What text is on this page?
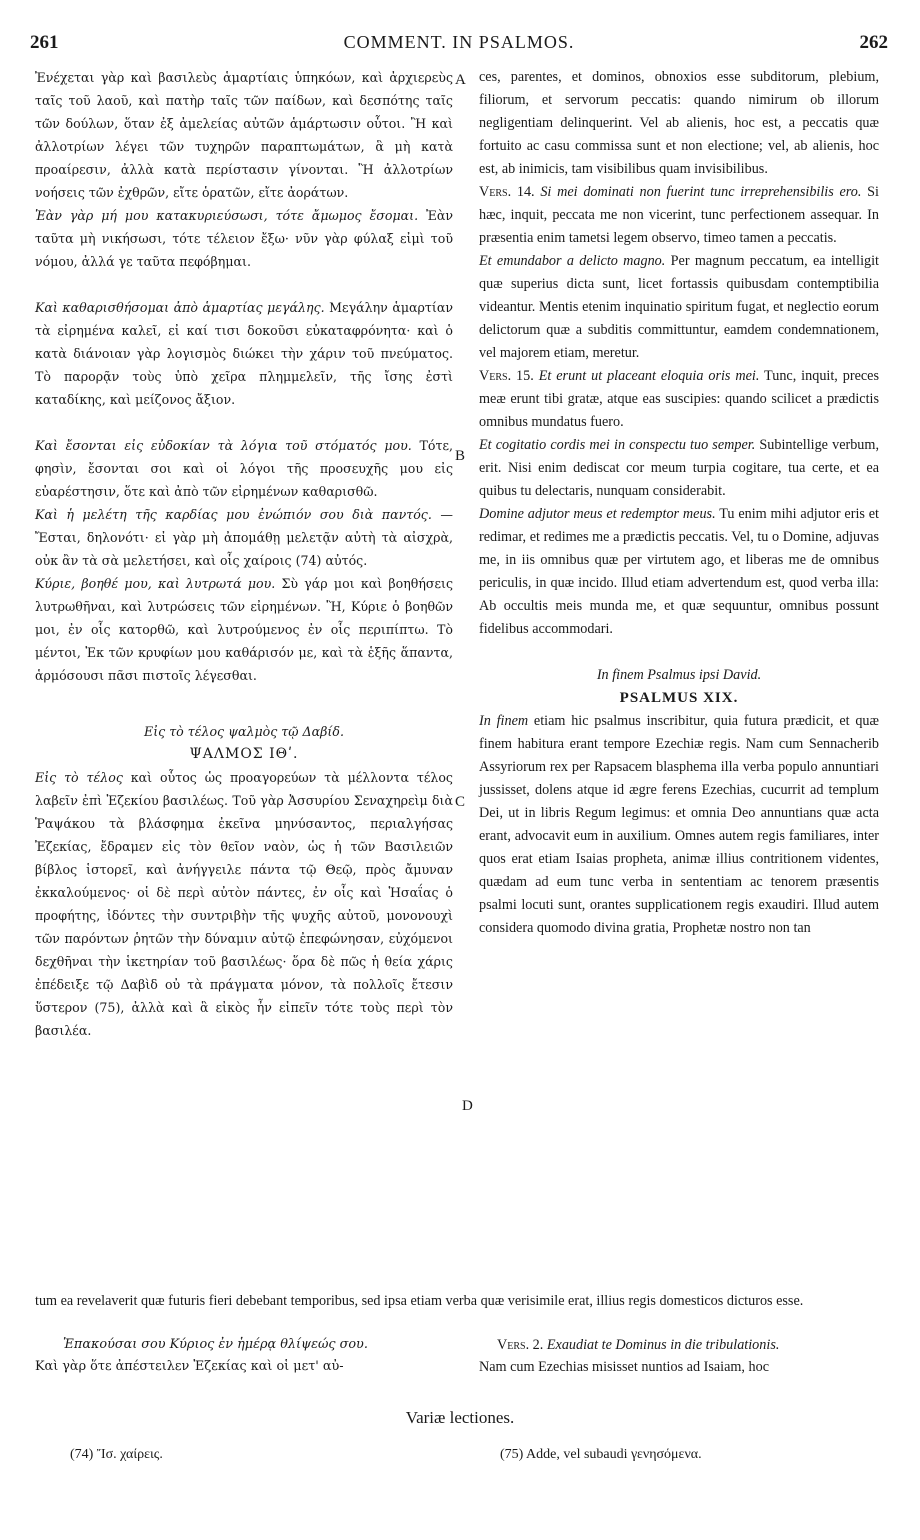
261	COMMENT. IN PSALMOS.	262
A
B
C
D

Ἐνέχεται γὰρ καὶ βασιλεὺς ἁμαρτίαις ὑπηκόων, καὶ ἀρχιερεὺς ταῖς τοῦ λαοῦ, καὶ πατὴρ ταῖς τῶν παίδων, καὶ δεσπότης ταῖς τῶν δούλων, ὅταν ἐξ ἀμελείας αὐτῶν ἁμάρτωσιν οὗτοι. Ἢ καὶ ἀλλοτρίων λέγει τῶν τυχηρῶν παραπτωμάτων, ἃ μὴ κατὰ προαίρεσιν, ἀλλὰ κατὰ περίστασιν γίνονται. Ἢ ἀλλοτρίων νοήσεις τῶν ἐχθρῶν, εἴτε ὁρατῶν, εἴτε ἀοράτων.

Ἐὰν γὰρ μή μου κατακυριεύσωσι, τότε ἄμωμος ἔσομαι. Ἐὰν ταῦτα μὴ νικήσωσι, τότε τέλειον ἔξω· νῦν γὰρ φύλαξ εἰμὶ τοῦ νόμου, ἀλλά γε ταῦτα πεφόβημαι.

Καὶ καθαρισθήσομαι ἀπὸ ἁμαρτίας μεγάλης. Μεγάλην ἁμαρτίαν τὰ εἰρημένα καλεῖ, εἰ καί τισι δοκοῦσι εὐκαταφρόνητα· καὶ ὁ κατὰ διάνοιαν γὰρ λογισμὸς διώκει τὴν χάριν τοῦ πνεύματος. Τὸ παρορᾷν τοὺς ὑπὸ χεῖρα πλημμελεῖν, τῆς ἴσης ἐστὶ καταδίκης, καὶ μείζονος ἄξιον.

Καὶ ἔσονται εἰς εὐδοκίαν τὰ λόγια τοῦ στόματός μου. Τότε, φησὶν, ἔσονται σοι καὶ οἱ λόγοι τῆς προσευχῆς μου εἰς εὐαρέστησιν, ὅτε καὶ ἀπὸ τῶν εἰρημένων καθαρισθῶ.

Καὶ ἡ μελέτη τῆς καρδίας μου ἐνώπιόν σου διὰ παντός. — Ἔσται, δηλονότι· εἰ γὰρ μὴ ἀπομάθῃ μελετᾷν αὐτὴ τὰ αἰσχρὰ, οὐκ ἂν τὰ σὰ μελετήσει, καὶ οἷς χαίροις (74) αὐτός.

Κύριε, βοηθέ μου, καὶ λυτρωτά μου. Σὺ γάρ μοι καὶ βοηθήσεις λυτρωθῆναι, καὶ λυτρώσεις τῶν εἰρημένων. Ἢ, Κύριε ὁ βοηθῶν μοι, ἐν οἷς κατορθῶ, καὶ λυτρούμενος ἐν οἷς περιπίπτω. Τὸ μέντοι, Ἐκ τῶν κρυφίων μου καθάρισόν με, καὶ τὰ ἑξῆς ἅπαντα, ἁρμόσουσι πᾶσι πιστοῖς λέγεσθαι.

Εἰς τὸ τέλος ψαλμὸς τῷ Δαβίδ.

ΨΑΛΜΟΣ ΙΘʹ.

Εἰς τὸ τέλος καὶ οὗτος ὡς προαγορεύων τὰ μέλλοντα τέλος λαβεῖν ἐπὶ Ἐζεκίου βασιλέως. Τοῦ γὰρ Ἀσσυρίου Σεναχηρεὶμ διὰ Ῥαψάκου τὰ βλάσφημα ἐκεῖνα μηνύσαντος, περιαλγήσας Ἐζεκίας, ἔδραμεν εἰς τὸν θεῖον ναὸν, ὡς ἡ τῶν Βασιλειῶν βίβλος ἱστορεῖ, καὶ ἀνήγγειλε πάντα τῷ Θεῷ, πρὸς ἄμυναν ἐκκαλούμενος· οἱ δὲ περὶ αὐτὸν πάντες, ἐν οἷς καὶ Ἡσαΐας ὁ προφήτης, ἰδόντες τὴν συντριβὴν τῆς ψυχῆς αὐτοῦ, μονονουχὶ τῶν παρόντων ῥητῶν τὴν δύναμιν αὐτῷ ἐπεφώνησαν, εὐχόμενοι δεχθῆναι τὴν ἱκετηρίαν τοῦ βασιλέως· ὅρα δὲ πῶς ἡ θεία χάρις ἐπέδειξε τῷ Δαβὶδ οὐ τὰ πράγματα μόνον, τὰ πολλοῖς ἔτεσιν ὕστερον (75), ἀλλὰ καὶ ἃ εἰκὸς ἦν εἰπεῖν τότε τοὺς περὶ τὸν βασιλέα.

ces, parentes, et dominos, obnoxios esse subditorum, plebium, filiorum, et servorum peccatis: quando nimirum ob illorum negligentiam delinquerint. Vel ab alienis, hoc est, a peccatis quæ fortuito ac casu commissa sunt et non electione; vel, ab alienis, hoc est, ab inimicis, tam visibilibus quam invisibilibus.

Vers. 14. Si mei dominati non fuerint tunc irreprehensibilis ero. Si hæc, inquit, peccata me non vicerint, tunc perfectionem assequar. In præsentia enim tametsi legem observo, timeo tamen a peccatis.

Et emundabor a delicto magno. Per magnum peccatum, ea intelligit quæ superius dicta sunt, licet fortassis quibusdam contemptibilia videantur. Mentis etenim inquinatio spiritum fugat, et neglectio eorum delictorum quæ a subditis committuntur, eamdem condemnationem, vel majorem etiam, meretur.

Vers. 15. Et erunt ut placeant eloquia oris mei. Tunc, inquit, preces meæ erunt tibi gratæ, atque eas suscipies: quando scilicet a prædictis omnibus mundatus fuero.

Et cogitatio cordis mei in conspectu tuo semper. Subintellige verbum, erit. Nisi enim dediscat cor meum turpia cogitare, tua certe, et ea quibus tu delectaris, nunquam considerabit.

Domine adjutor meus et redemptor meus. Tu enim mihi adjutor eris et redimar, et redimes me a prædictis peccatis. Vel, tu o Domine, adjuvas me, in iis omnibus quæ per virtutem ago, et liberas me de omnibus periculis, in quæ incido. Illud etiam advertendum est, quod verba illa: Ab occultis meis munda me, et quæ sequuntur, omnibus possunt fidelibus accommodari.

In finem Psalmus ipsi David.

PSALMUS XIX.

In finem etiam hic psalmus inscribitur, quia futura prædicit, et quæ finem habitura erant tempore Ezechiæ regis. Nam cum Sennacherib Assyriorum rex per Rapsacem blasphema illa verba populo annuntiari jussisset, dolens atque id ægre ferens Ezechias, cucurrit ad templum Dei, ut in libris Regum legimus: et omnia Deo annuntians quæ acta erant, advocavit eum in auxilium. Omnes autem regis familiares, inter quos erat etiam Isaias propheta, animæ illius contritionem videntes, quædam ad eum tunc verba in sententiam ac tenorem præsentis psalmi locuti sunt, orantes supplicationem regis exaudiri. Illud autem considera quomodo divina gratia, Prophetæ nostro non tan

tum ea revelaverit quæ futuris fieri debebant temporibus, sed ipsa etiam verba quæ verisimile erat, illius regis domesticos dicturos esse.
Ἐπακούσαι σου Κύριος ἐν ἡμέρᾳ θλίψεώς σου.
Καὶ γὰρ ὅτε ἀπέστειλεν Ἐζεκίας καὶ οἱ μετ' αὐ-
Vers. 2. Exaudiat te Dominus in die tribulationis.
Nam cum Ezechias misisset nuntios ad Isaiam, hoc
Variæ lectiones.
(74) Ἴσ. χαίρεις.	(75) Adde, vel subaudi γενησόμενα.
